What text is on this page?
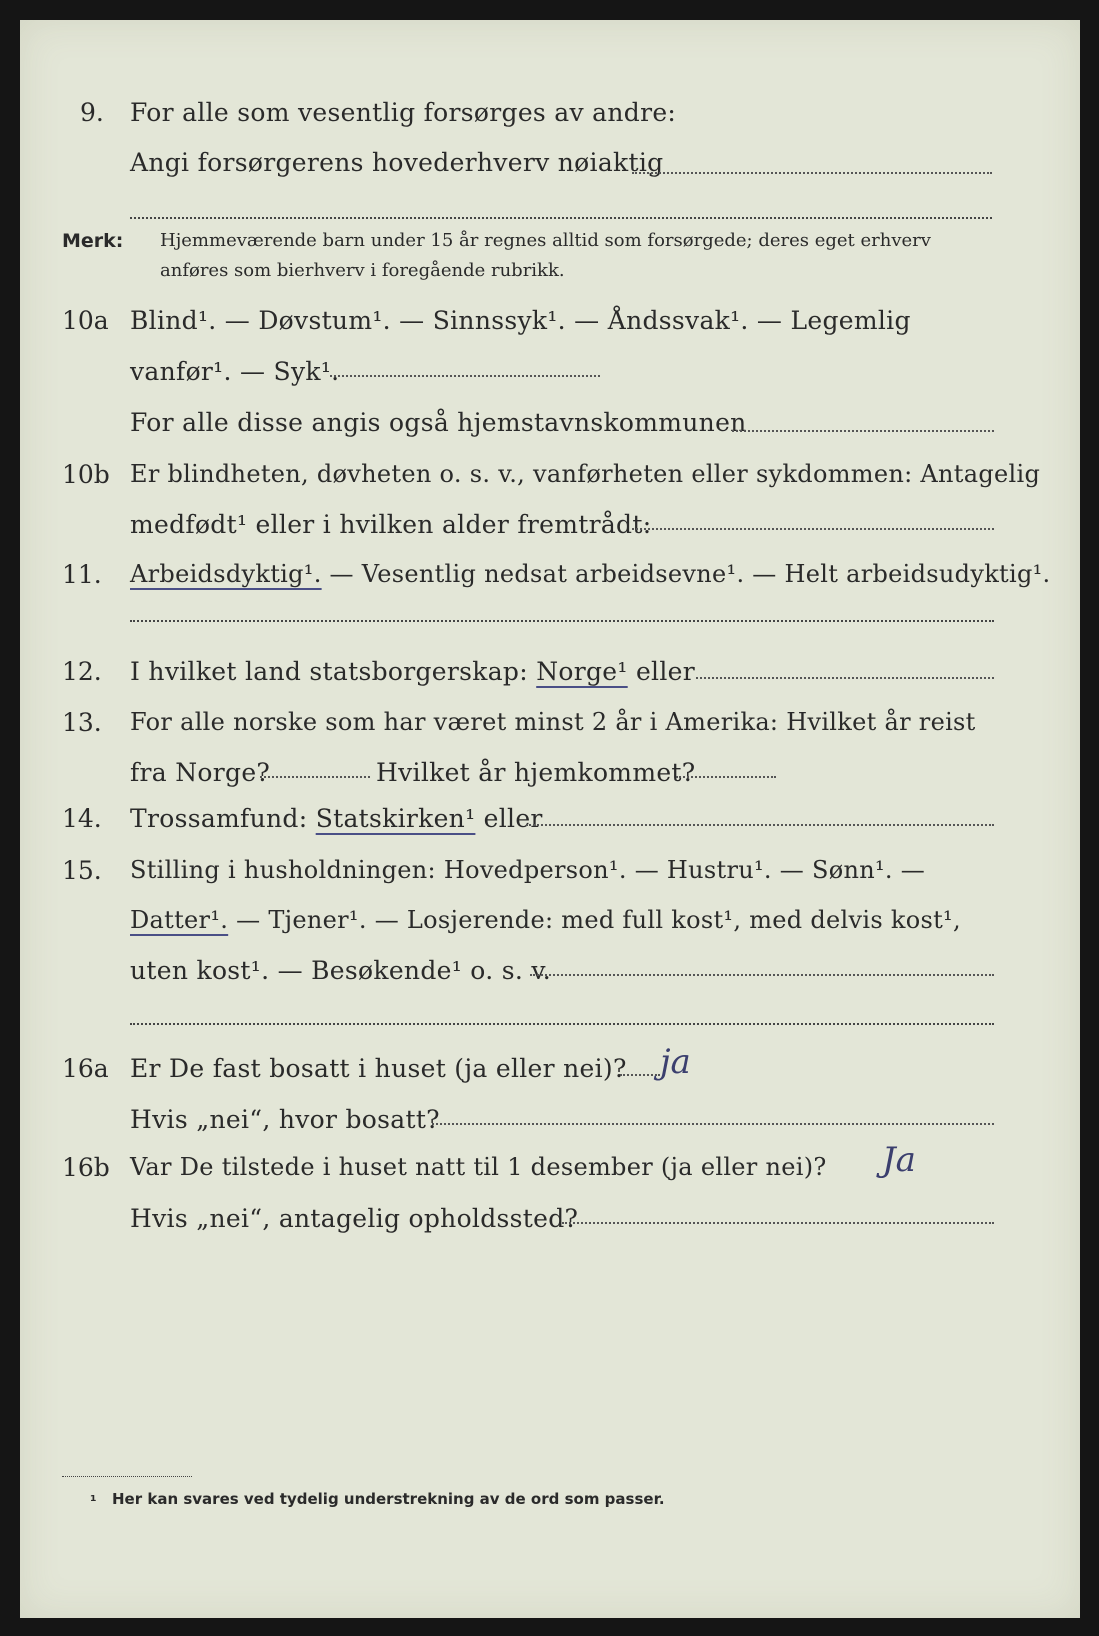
9. For alle som vesentlig forsørges av andre:
Angi forsørgerens hovederhverv nøiaktig
Merk: Hjemmeværende barn under 15 år regnes alltid som forsørgede; deres eget erhverv anføres som bierhverv i foregående rubrikk.
10a Blind¹. — Døvstum¹. — Sinnssyk¹. — Åndssvak¹. — Legemlig
vanfør¹. — Syk¹.
For alle disse angis også hjemstavnskommunen
10b Er blindheten, døvheten o. s. v., vanførheten eller sykdommen: Antagelig
medfødt¹ eller i hvilken alder fremtrådt:
11. Arbeidsdyktig¹. — Vesentlig nedsat arbeidsevne¹. — Helt arbeidsudyktig¹.
12. I hvilket land statsborgerskap: Norge¹ eller
13. For alle norske som har været minst 2 år i Amerika: Hvilket år reist
fra Norge?	Hvilket år hjemkommet?
14. Trossamfund: Statskirken¹ eller
15. Stilling i husholdningen: Hovedperson¹. — Hustru¹. — Sønn¹. —
Datter¹. — Tjener¹. — Losjerende: med full kost¹, med delvis kost¹,
uten kost¹. — Besøkende¹ o. s. v.
16a Er De fast bosatt i huset (ja eller nei)? ja
Hvis „nei“, hvor bosatt?
16b Var De tilstede i huset natt til 1 desember (ja eller nei)? Ja
Hvis „nei“, antagelig opholdssted?
¹ Her kan svares ved tydelig understrekning av de ord som passer.
